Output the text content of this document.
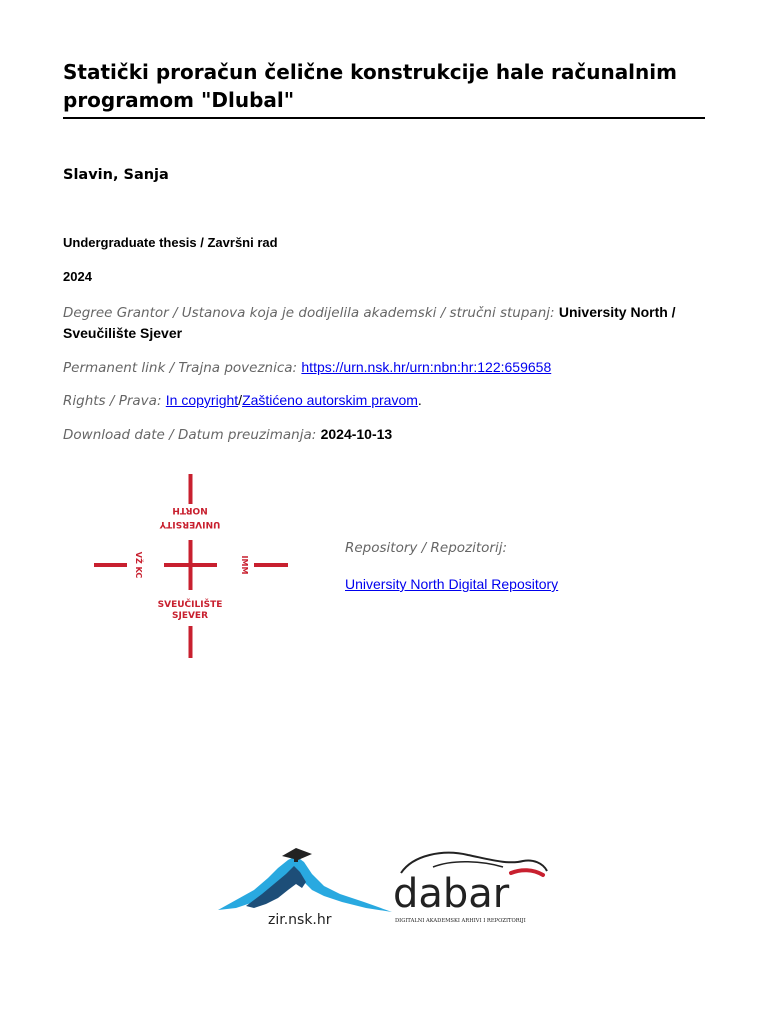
Statički proračun čelične konstrukcije hale računalnim programom "Dlubal"
Slavin, Sanja
Undergraduate thesis / Završni rad
2024
Degree Grantor / Ustanova koja je dodijelila akademski / stručni stupanj: University North / Sveučilište Sjever
Permanent link / Trajna poveznica: https://urn.nsk.hr/urn:nbn:hr:122:659658
Rights / Prava: In copyright/Zaštićeno autorskim pravom.
Download date / Datum preuzimanja: 2024-10-13
NORTH
UNIVERSITY
VŽ KC	IMM
SVEUČILIŠTE
SJEVER
Repository / Repozitorij:
University North Digital Repository
zir.nsk.hr
dabar
DIGITALNI AKADEMSKI ARHIVI I REPOZITORIJI
